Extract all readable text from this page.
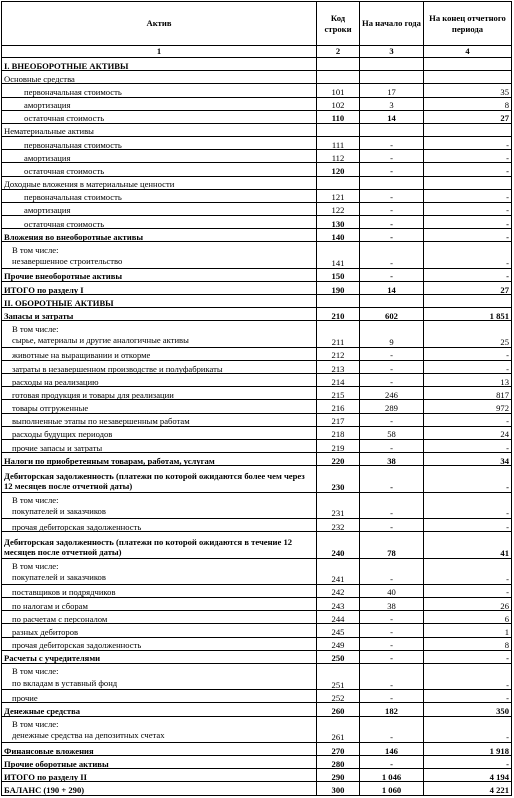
Актив	Код строки	На начало года	На конец отчетного периода
1	2	3	4
I. ВНЕОБОРОТНЫЕ АКТИВЫ			
Основные средства			
первоначальная стоимость	101	17	35
амортизация	102	3	8
остаточная стоимость	110	14	27
Нематериальные активы			
первоначальная стоимость	111	-	-
амортизация	112	-	-
остаточная стоимость	120	-	-
Доходные вложения в материальные ценности			
первоначальная стоимость	121	-	-
амортизация	122	-	-
остаточная стоимость	130	-	-
Вложения во внеоборотные активы	140	-	-
В том числе:
незавершенное строительство	141	-	-
Прочие внеоборотные активы	150	-	-
ИТОГО по разделу I	190	14	27
II. ОБОРОТНЫЕ АКТИВЫ			
Запасы и затраты	210	602	1 851
В том числе:
сырье, материалы и другие аналогичные активы	211	9	25
животные на выращивании и откорме	212	-	-
затраты в незавершенном производстве и полуфабрикаты	213	-	-
расходы на реализацию	214	-	13
готовая продукция и товары для реализации	215	246	817
товары отгруженные	216	289	972
выполненные этапы по незавершенным работам	217	-	-
расходы будущих периодов	218	58	24
прочие запасы и затраты	219	-	-
Налоги по приобретенным товарам, работам, услугам	220	38	34
Дебиторская задолженность (платежи по которой ожидаются более чем через 12 месяцев после отчетной даты)	230	-	-
В том числе:
покупателей и заказчиков	231	-	-
прочая дебиторская задолженность	232	-	-
Дебиторская задолженность (платежи по которой ожидаются в течение 12 месяцев после отчетной даты)	240	78	41
В том числе:
покупателей и заказчиков	241	-	-
поставщиков и подрядчиков	242	40	-
по налогам и сборам	243	38	26
по расчетам с персоналом	244	-	6
разных дебиторов	245	-	1
прочая дебиторская задолженность	249	-	8
Расчеты с учредителями	250	-	-
В том числе:
по вкладам в уставный фонд	251	-	-
прочие	252	-	-
Денежные средства	260	182	350
В том числе:
денежные средства на депозитных счетах	261	-	-
Финансовые вложения	270	146	1 918
Прочие оборотные активы	280	-	-
ИТОГО по разделу II	290	1 046	4 194
БАЛАНС (190 + 290)	300	1 060	4 221
